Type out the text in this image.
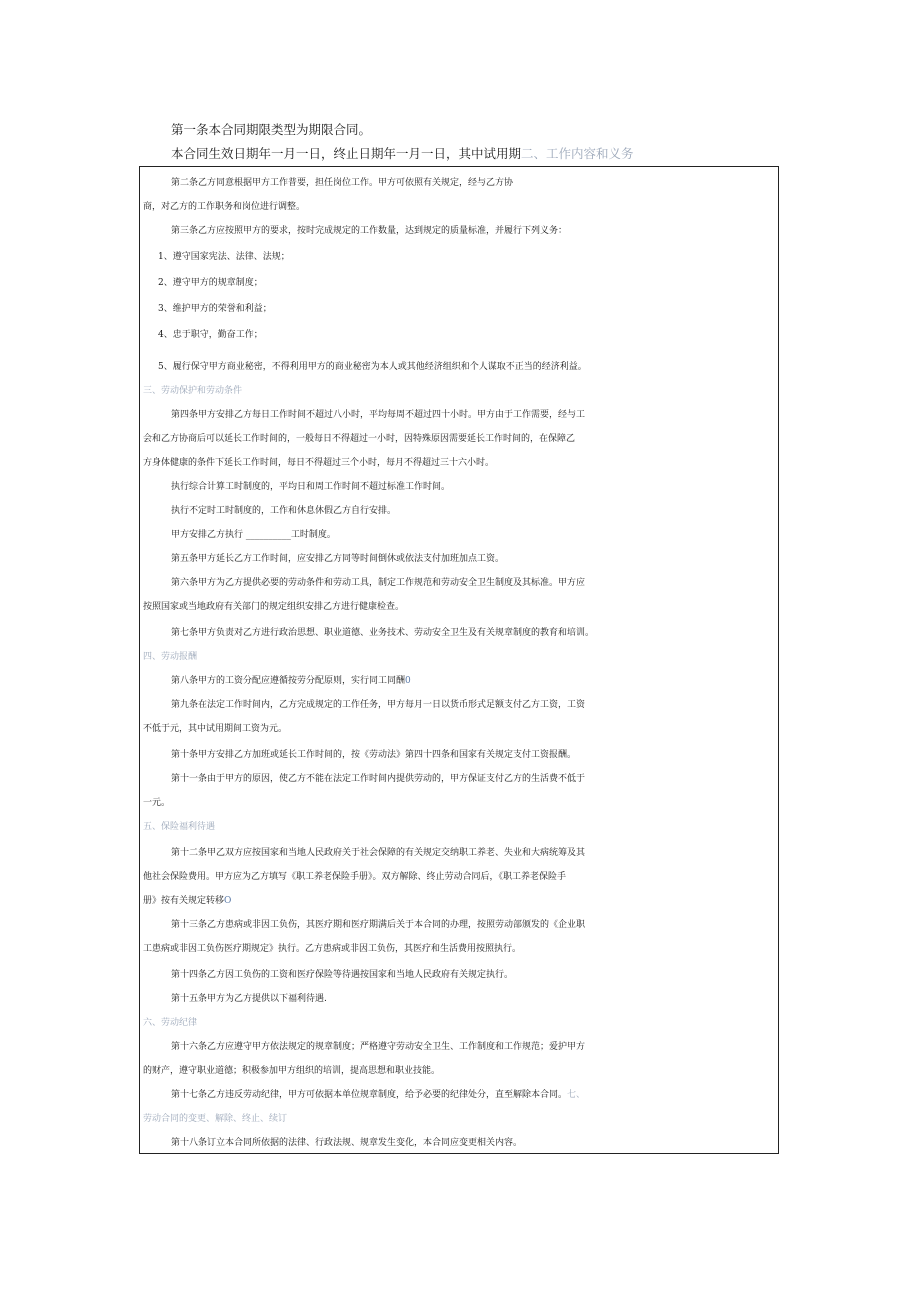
第一条本合同期限类型为期限合同。
本合同生效日期年一月一日，终止日期年一月一日，其中试用期二、工作内容和义务
第二条乙方同意根据甲方工作普要，担任岗位工作。甲方可依照有关规定，经与乙方协
商，对乙方的工作职务和岗位进行调整。
第三条乙方应按照甲方的要求，按时完成规定的工作数量，达到规定的质量标准，并履行下列义务：
1、遵守国家宪法、法律、法规；
2、遵守甲方的规章制度；
3、维护甲方的荣誉和利益；
4、忠于职守，勤奋工作；
5、履行保守甲方商业秘密，不得利用甲方的商业秘密为本人或其他经济组织和个人谋取不正当的经济利益。
三、劳动保护和劳动条件
第四条甲方安排乙方每日工作时间不超过八小时，平均每周不超过四十小时。甲方由于工作需要，经与工
会和乙方协商后可以延长工作时间的，一般每日不得超过一小时，因特殊原因需要延长工作时间的，在保障乙
方身体健康的条件下延长工作时间，每日不得超过三个小时，每月不得超过三十六小时。
执行综合计算工时制度的，平均日和周工作时间不超过标准工作时间。
执行不定时工时制度的，工作和休息休假乙方自行安排。
甲方安排乙方执行 __________工时制度。
第五条甲方延长乙方工作时间，应安排乙方同等时间倒休或依法支付加班加点工资。
第六条甲方为乙方提供必要的劳动条件和劳动工具，制定工作规范和劳动安全卫生制度及其标准。甲方应
按照国家或当地政府有关部门的规定组织安排乙方进行健康检查。
第七条甲方负责对乙方进行政治思想、职业道德、业务技术、劳动安全卫生及有关规章制度的教育和培训。
四、劳动报酬
第八条甲方的工资分配应遵循按劳分配原则，实行同工同酬0
第九条在法定工作时间内，乙方完成规定的工作任务，甲方每月一日以货币形式足额支付乙方工资，工资
不低于元，其中试用期间工资为元。
第十条甲方安排乙方加班或延长工作时间的，按《劳动法》第四十四条和国家有关规定支付工资报酬。
第十一条由于甲方的原因，使乙方不能在法定工作时间内提供劳动的，甲方保证支付乙方的生活费不低于
一元。
五、保险福利待遇
第十二条甲乙双方应按国家和当地人民政府关于社会保障的有关规定交纳职工养老、失业和大病统筹及其
他社会保险费用。甲方应为乙方填写《职工养老保险手册》。双方解除、终止劳动合同后，《职工养老保险手
册》按有关规定转移O
第十三条乙方患病或非因工负伤，其医疗期和医疗期满后关于本合同的办理，按照劳动部颁发的《企业职
工患病或非因工负伤医疗期规定》执行。乙方患病或非因工负伤，其医疗和生活费用按照执行。
第十四条乙方因工负伤的工资和医疗保险等待遇按国家和当地人民政府有关规定执行。
第十五条甲方为乙方提供以下福利待遇.
六、劳动纪律
第十六条乙方应遵守甲方依法规定的规章制度；严格遵守劳动安全卫生、工作制度和工作规范；爱护甲方
的财产，遵守职业道德；积极参加甲方组织的培训，提高思想和职业技能。
第十七条乙方违反劳动纪律，甲方可依据本单位规章制度，给予必要的纪律处分，直至解除本合同。七、
劳动合同的变更、解除、终止、续订
第十八条订立本合同所依据的法律、行政法规、规章发生变化，本合同应变更相关内容。
